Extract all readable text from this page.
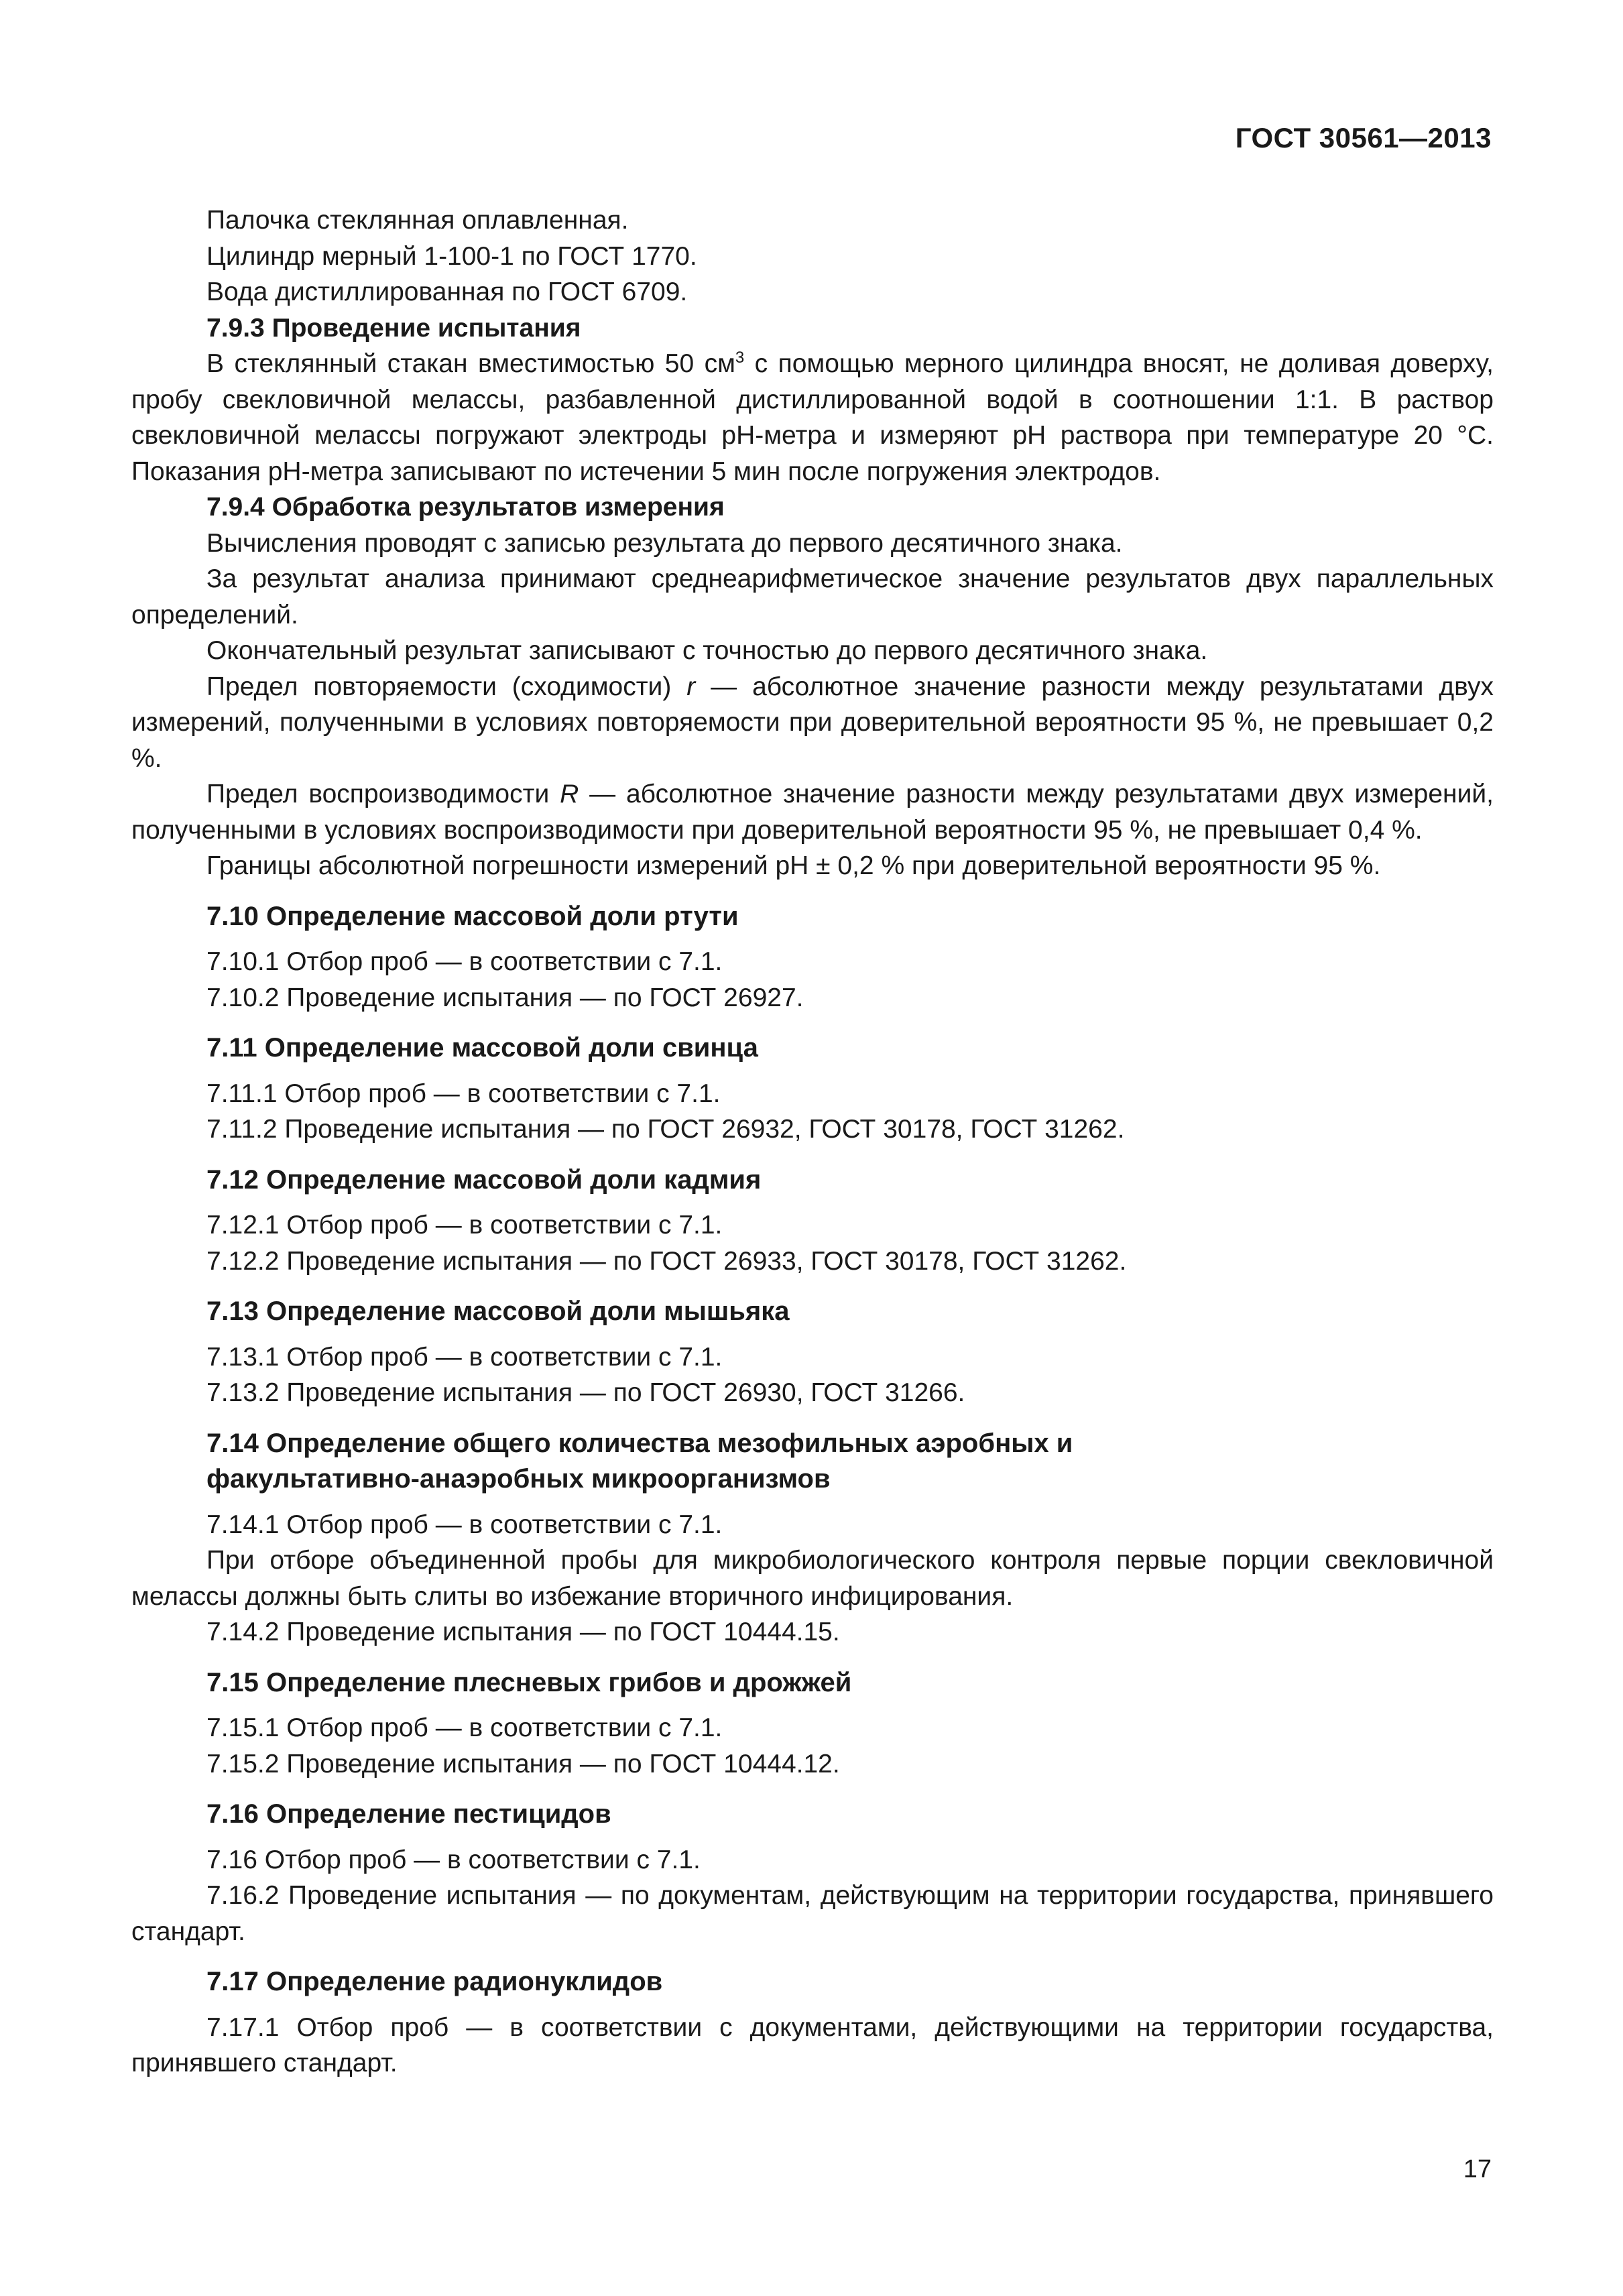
ГОСТ 30561—2013

Палочка стеклянная оплавленная.

Цилиндр мерный 1-100-1 по ГОСТ 1770.

Вода дистиллированная по ГОСТ 6709.

7.9.3 Проведение испытания

В стеклянный стакан вместимостью 50 $см^3$ с помощью мерного цилиндра вносят, не доливая доверху, пробу свекловичной мелассы, разбавленной дистиллированной водой в соотношении 1:1. В раствор свекловичной мелассы погружают электроды рН-метра и измеряют рН раствора при температуре 20 °С. Показания рН-метра записывают по истечении 5 мин после погружения электродов.

7.9.4 Обработка результатов измерения

Вычисления проводят с записью результата до первого десятичного знака.

За результат анализа принимают среднеарифметическое значение результатов двух параллельных определений.

Окончательный результат записывают с точностью до первого десятичного знака.

Предел повторяемости (сходимости) r — абсолютное значение разности между результатами двух измерений, полученными в условиях повторяемости при доверительной вероятности 95 %, не превышает 0,2 %.

Предел воспроизводимости R — абсолютное значение разности между результатами двух измерений, полученными в условиях воспроизводимости при доверительной вероятности 95 %, не превышает 0,4 %.

Границы абсолютной погрешности измерений рН ± 0,2 % при доверительной вероятности 95 %.

7.10 Определение массовой доли ртути

7.10.1 Отбор проб — в соответствии с 7.1.

7.10.2 Проведение испытания — по ГОСТ 26927.

7.11 Определение массовой доли свинца

7.11.1 Отбор проб — в соответствии с 7.1.

7.11.2 Проведение испытания — по ГОСТ 26932, ГОСТ 30178, ГОСТ 31262.

7.12 Определение массовой доли кадмия

7.12.1 Отбор проб — в соответствии с 7.1.

7.12.2 Проведение испытания — по ГОСТ 26933, ГОСТ 30178, ГОСТ 31262.

7.13 Определение массовой доли мышьяка

7.13.1 Отбор проб — в соответствии с 7.1.

7.13.2 Проведение испытания — по ГОСТ 26930, ГОСТ 31266.

7.14 Определение общего количества мезофильных аэробных и
факультативно-анаэробных микроорганизмов

7.14.1 Отбор проб — в соответствии с 7.1.

При отборе объединенной пробы для микробиологического контроля первые порции свекловичной мелассы должны быть слиты во избежание вторичного инфицирования.

7.14.2 Проведение испытания — по ГОСТ 10444.15.

7.15 Определение плесневых грибов и дрожжей

7.15.1 Отбор проб — в соответствии с 7.1.

7.15.2 Проведение испытания — по ГОСТ 10444.12.

7.16 Определение пестицидов

7.16 Отбор проб — в соответствии с 7.1.

7.16.2 Проведение испытания — по документам, действующим на территории государства, принявшего стандарт.

7.17 Определение радионуклидов

7.17.1 Отбор проб — в соответствии с документами, действующими на территории государства, принявшего стандарт.

17
